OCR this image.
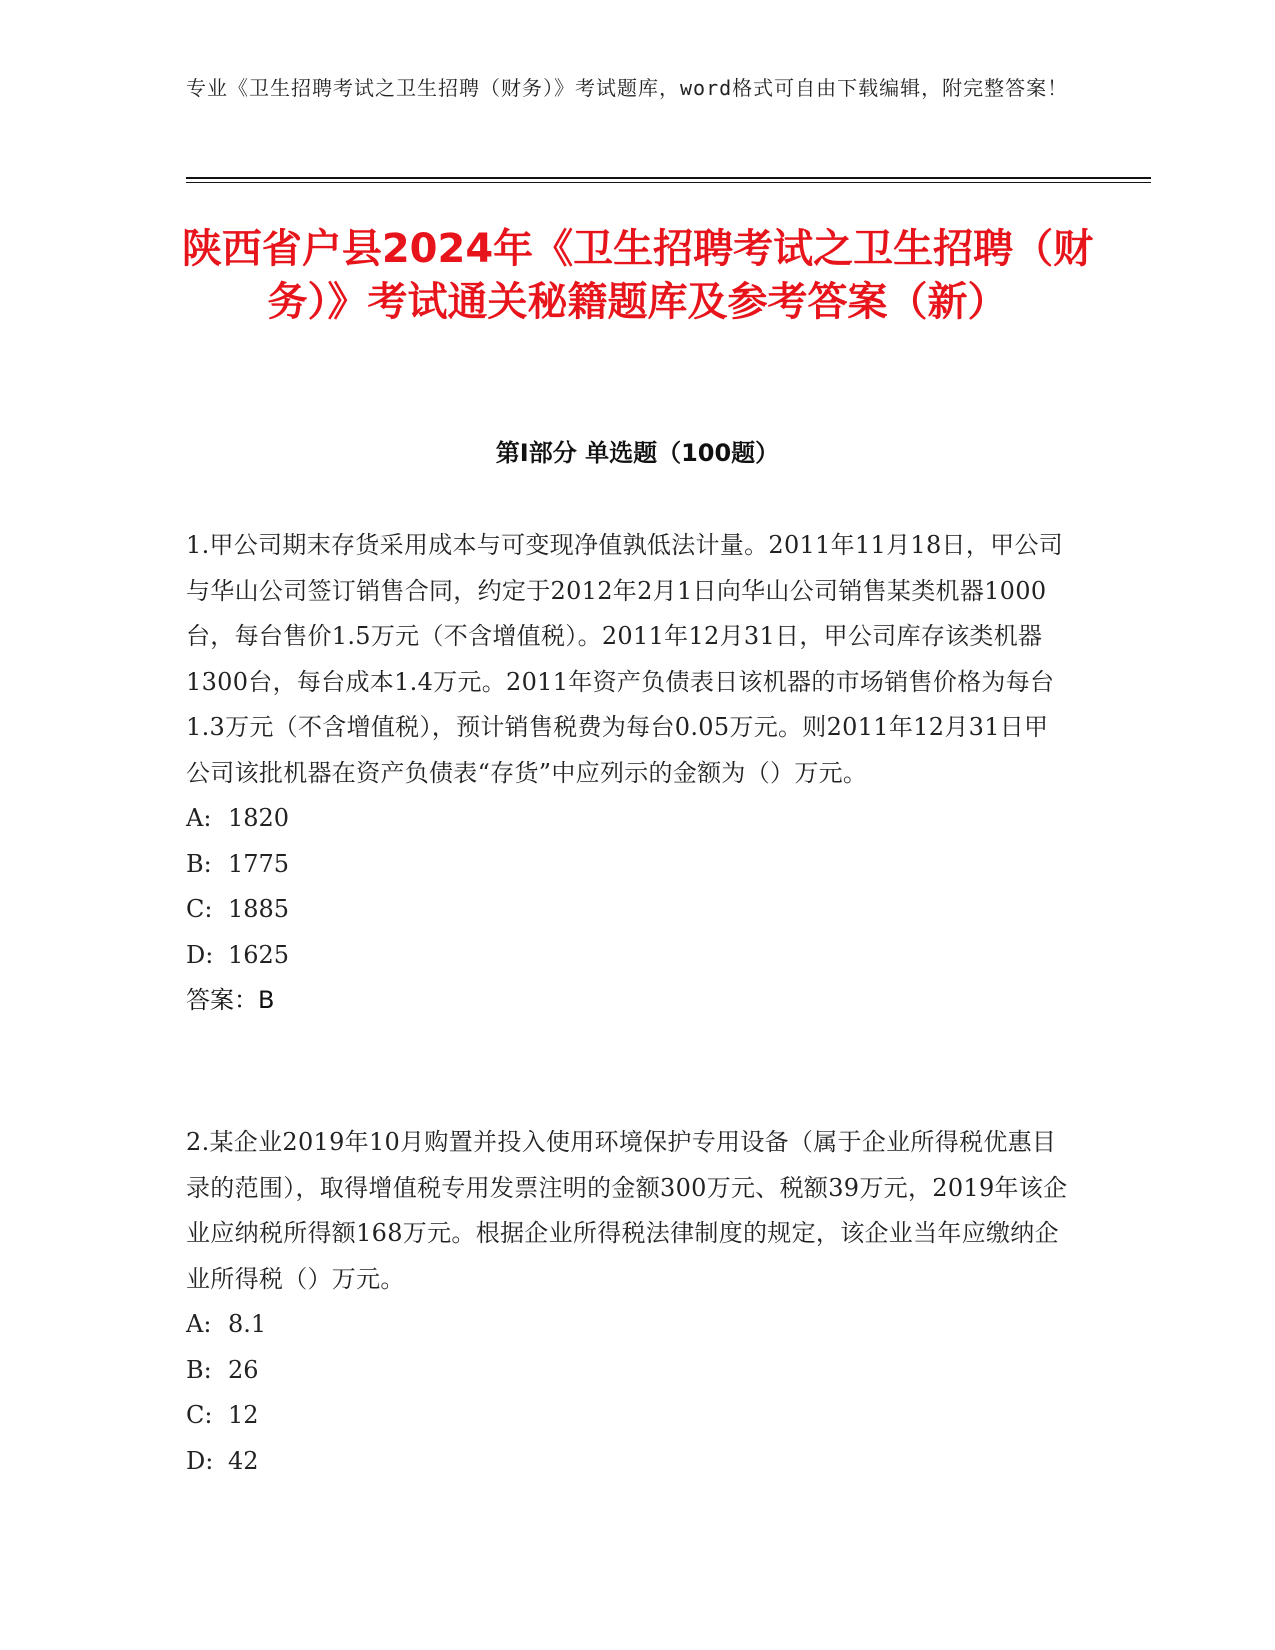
专业《卫生招聘考试之卫生招聘（财务）》考试题库，word格式可自由下载编辑，附完整答案！
陕西省户县2024年《卫生招聘考试之卫生招聘（财务）》考试通关秘籍题库及参考答案（新）
第I部分 单选题（100题）
1.甲公司期末存货采用成本与可变现净值孰低法计量。2011年11月18日，甲公司与华山公司签订销售合同，约定于2012年2月1日向华山公司销售某类机器1000台，每台售价1.5万元（不含增值税）。2011年12月31日，甲公司库存该类机器1300台，每台成本1.4万元。2011年资产负债表日该机器的市场销售价格为每台1.3万元（不含增值税），预计销售税费为每台0.05万元。则2011年12月31日甲公司该批机器在资产负债表“存货”中应列示的金额为（）万元。
A: 1820
B: 1775
C: 1885
D: 1625
答案：B
2.某企业2019年10月购置并投入使用环境保护专用设备（属于企业所得税优惠目录的范围），取得增值税专用发票注明的金额300万元、税额39万元，2019年该企业应纳税所得额168万元。根据企业所得税法律制度的规定，该企业当年应缴纳企业所得税（）万元。
A: 8.1
B: 26
C: 12
D: 42
